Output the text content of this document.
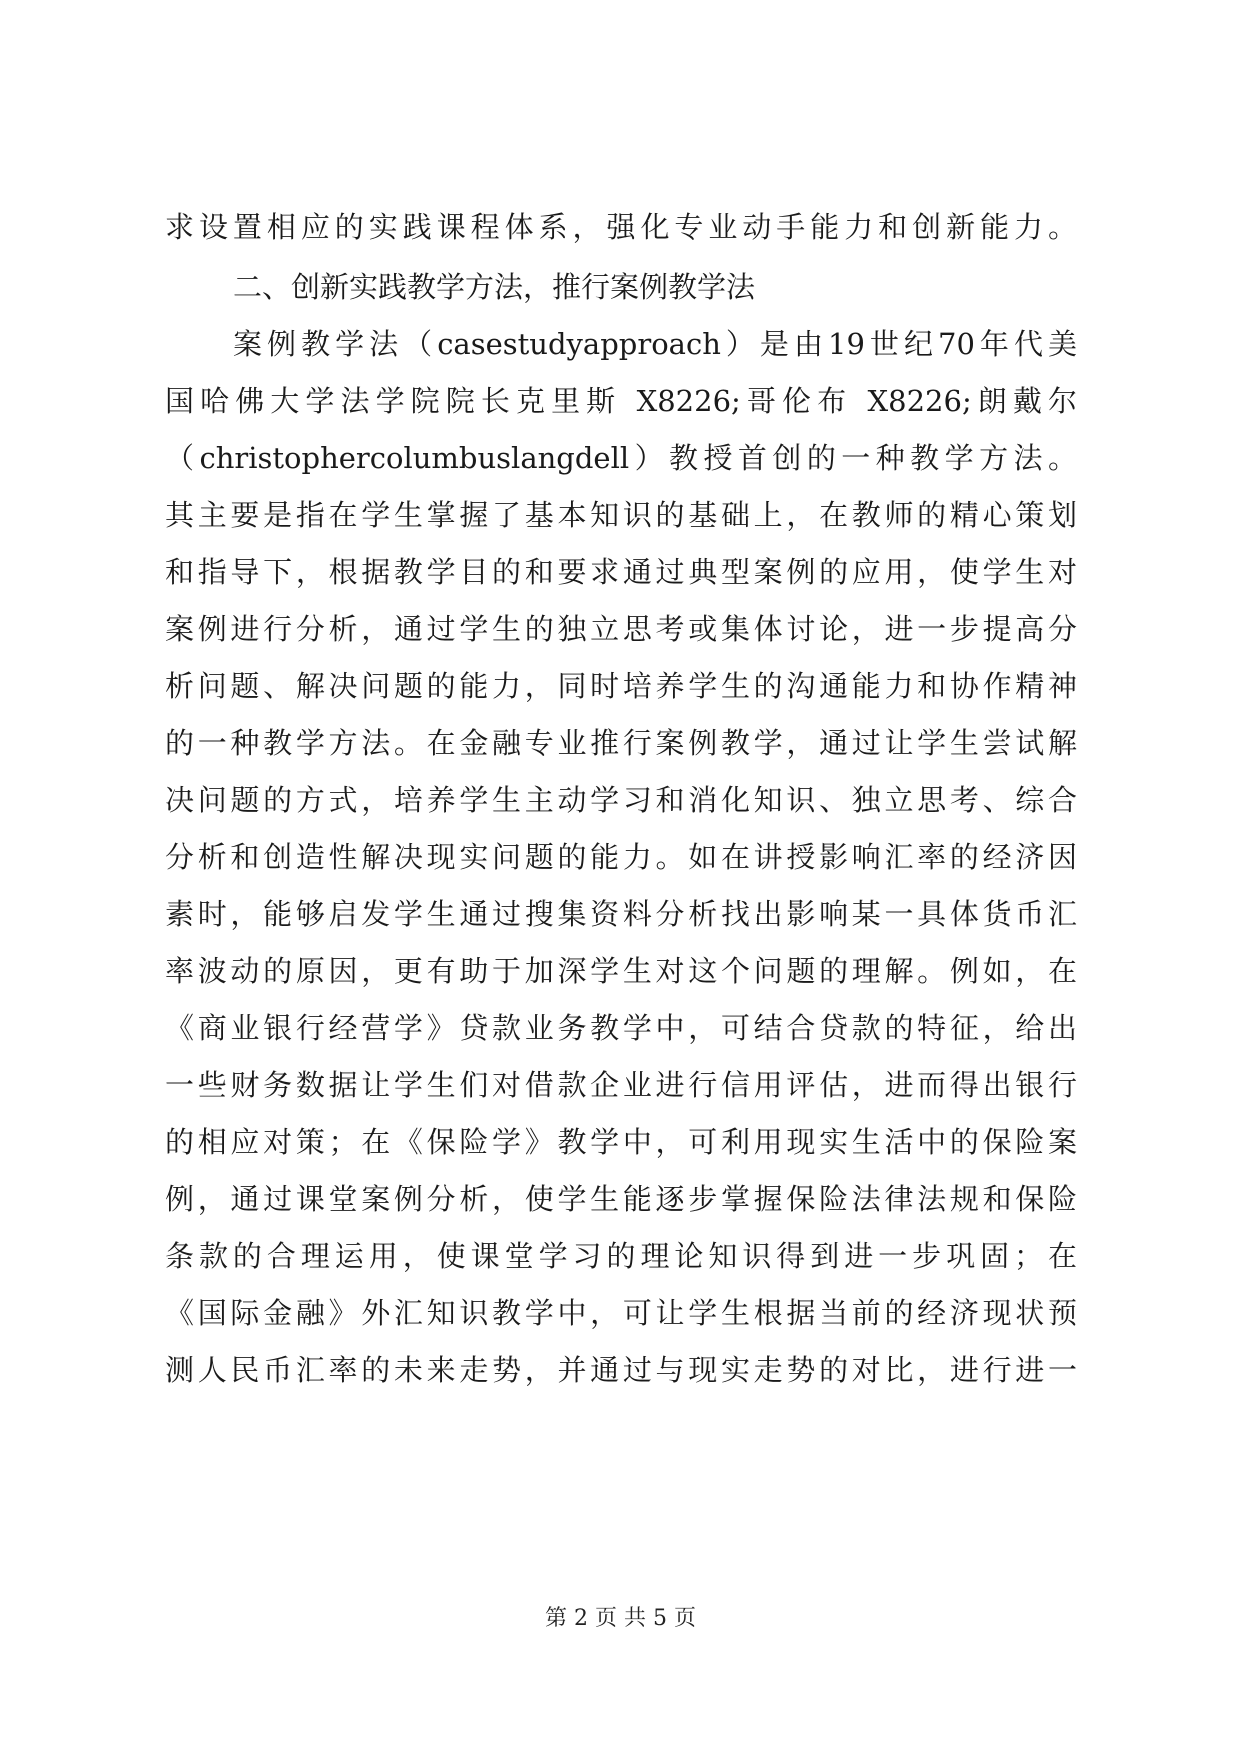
求设置相应的实践课程体系，强化专业动手能力和创新能力。
二、创新实践教学方法，推行案例教学法
案例教学法（casestudyapproach）是由19世纪70年代美
国哈佛大学法学院院长克里斯 X8226;哥伦布 X8226;朗戴尔
（christophercolumbuslangdell）教授首创的一种教学方法。
其主要是指在学生掌握了基本知识的基础上，在教师的精心策划
和指导下，根据教学目的和要求通过典型案例的应用，使学生对
案例进行分析，通过学生的独立思考或集体讨论，进一步提高分
析问题、解决问题的能力，同时培养学生的沟通能力和协作精神
的一种教学方法。在金融专业推行案例教学，通过让学生尝试解
决问题的方式，培养学生主动学习和消化知识、独立思考、综合
分析和创造性解决现实问题的能力。如在讲授影响汇率的经济因
素时，能够启发学生通过搜集资料分析找出影响某一具体货币汇
率波动的原因，更有助于加深学生对这个问题的理解。例如，在
《商业银行经营学》贷款业务教学中，可结合贷款的特征，给出
一些财务数据让学生们对借款企业进行信用评估，进而得出银行
的相应对策；在《保险学》教学中，可利用现实生活中的保险案
例，通过课堂案例分析，使学生能逐步掌握保险法律法规和保险
条款的合理运用，使课堂学习的理论知识得到进一步巩固；在
《国际金融》外汇知识教学中，可让学生根据当前的经济现状预
测人民币汇率的未来走势，并通过与现实走势的对比，进行进一
第 2 页 共 5 页
